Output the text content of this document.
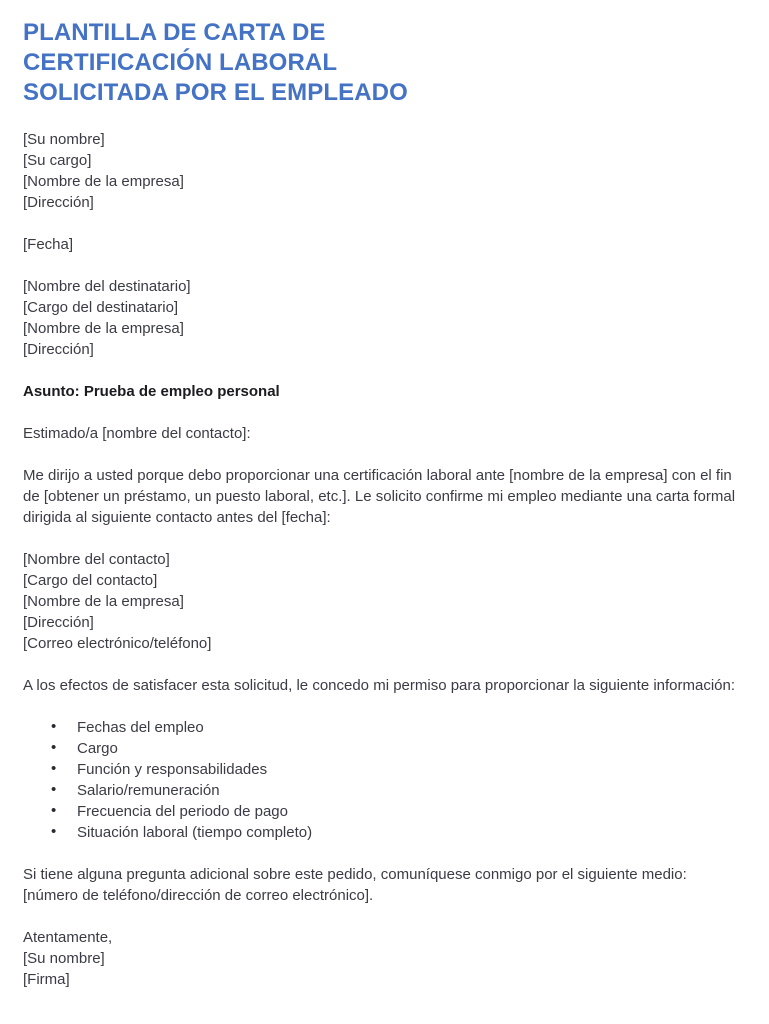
PLANTILLA DE CARTA DE
CERTIFICACIÓN LABORAL
SOLICITADA POR EL EMPLEADO
[Su nombre]
[Su cargo]
[Nombre de la empresa]
[Dirección]
[Fecha]
[Nombre del destinatario]
[Cargo del destinatario]
[Nombre de la empresa]
[Dirección]

Asunto: Prueba de empleo personal

Estimado/a [nombre del contacto]:

Me dirijo a usted porque debo proporcionar una certificación laboral ante [nombre de la empresa] con el fin de [obtener un préstamo, un puesto laboral, etc.]. Le solicito confirme mi empleo mediante una carta formal dirigida al siguiente contacto antes del [fecha]:

[Nombre del contacto]
[Cargo del contacto]
[Nombre de la empresa]
[Dirección]
[Correo electrónico/teléfono]

A los efectos de satisfacer esta solicitud, le concedo mi permiso para proporcionar la siguiente información:

• Fechas del empleo
• Cargo
• Función y responsabilidades
• Salario/remuneración
• Frecuencia del periodo de pago
• Situación laboral (tiempo completo)

Si tiene alguna pregunta adicional sobre este pedido, comuníquese conmigo por el siguiente medio: [número de teléfono/dirección de correo electrónico].

Atentamente,
[Su nombre]
[Firma]
